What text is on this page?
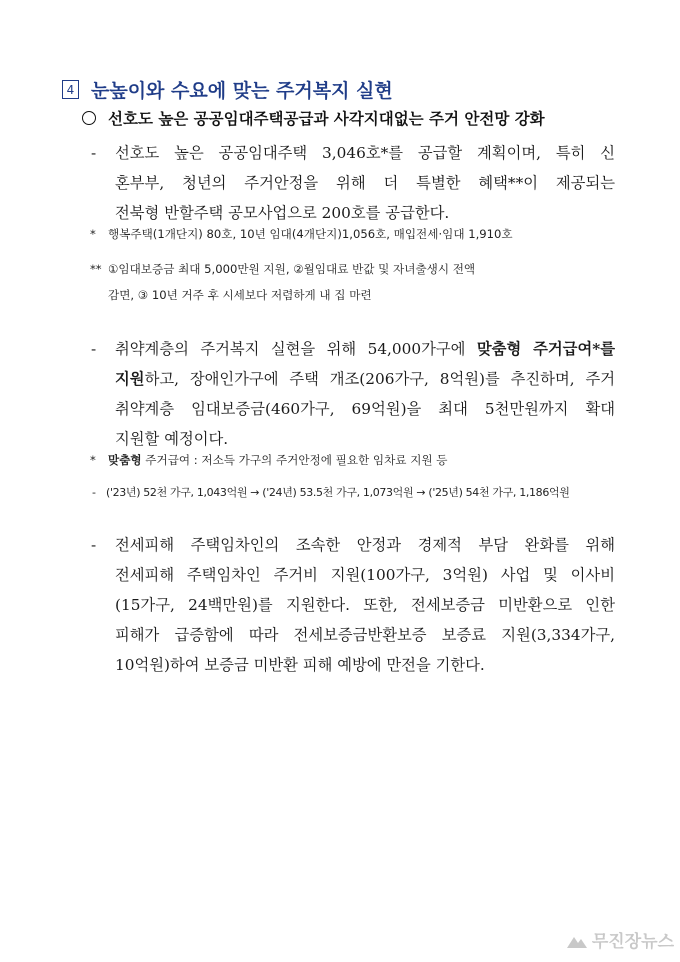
4 눈높이와 수요에 맞는 주거복지 실현
선호도 높은 공공임대주택공급과 사각지대없는 주거 안전망 강화
-	선호도 높은 공공임대주택 3,046호*를 공급할 계획이며, 특히 신
혼부부, 청년의 주거안정을 위해 더 특별한 혜택**이 제공되는
전북형 반할주택 공모사업으로 200호를 공급한다.
* 행복주택(1개단지) 80호, 10년 임대(4개단지)1,056호, 매입전세·임대 1,910호
** ①임대보증금 최대 5,000만원 지원, ②월임대료 반값 및 자녀출생시 전액
감면, ③ 10년 거주 후 시세보다 저렴하게 내 집 마련
-	취약계층의 주거복지 실현을 위해 54,000가구에 맞춤형 주거급여*를
지원하고, 장애인가구에 주택 개조(206가구, 8억원)를 추진하며, 주거
취약계층 임대보증금(460가구, 69억원)을 최대 5천만원까지 확대
지원할 예정이다.
* 맞춤형 주거급여 : 저소득 가구의 주거안정에 필요한 임차료 지원 등
- ('23년) 52천 가구, 1,043억원 → ('24년) 53.5천 가구, 1,073억원 → ('25년) 54천 가구, 1,186억원
-	전세피해 주택임차인의 조속한 안정과 경제적 부담 완화를 위해
전세피해 주택임차인 주거비 지원(100가구, 3억원) 사업 및 이사비
(15가구, 24백만원)를 지원한다. 또한, 전세보증금 미반환으로 인한
피해가 급증함에 따라 전세보증금반환보증 보증료 지원(3,334가구,
10억원)하여 보증금 미반환 피해 예방에 만전을 기한다.
무진장뉴스
